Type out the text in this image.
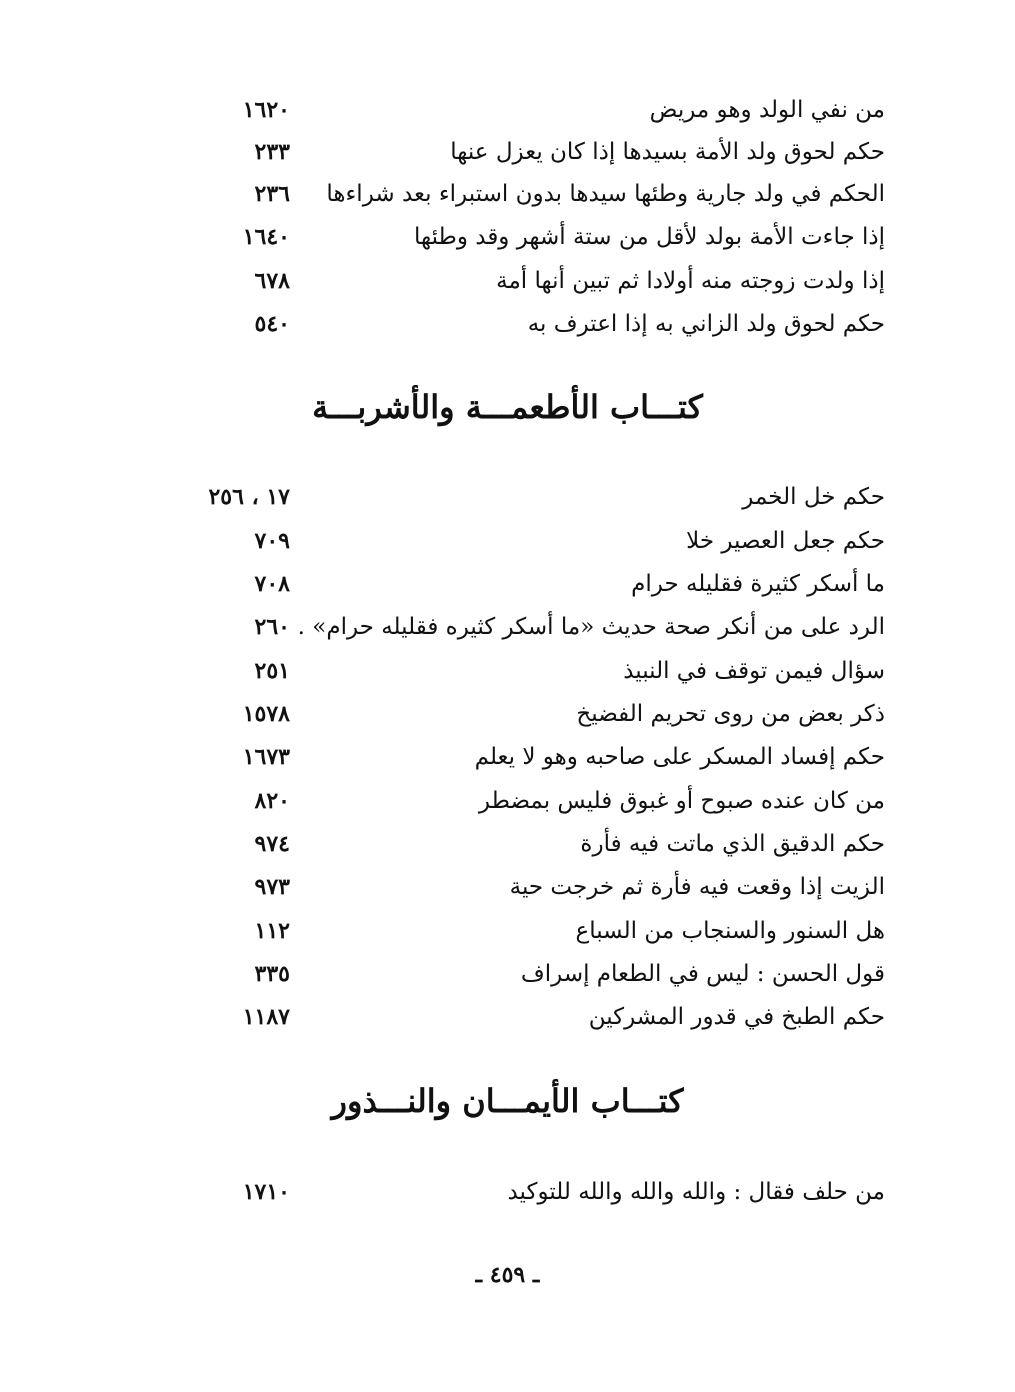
من نفي الولد وهو مريض
١٦٢٠
حكم لحوق ولد الأمة بسيدها إذا كان يعزل عنها
٢٣٣
الحكم في ولد جارية وطئها سيدها بدون استبراء بعد شراءها
٢٣٦
إذا جاءت الأمة بولد لأقل من ستة أشهر وقد وطئها
١٦٤٠
إذا ولدت زوجته منه أولادا ثم تبين أنها أمة
٦٧٨
حكم لحوق ولد الزاني به إذا اعترف به
٥٤٠
كتـــاب الأطعمـــة والأشربـــة
حكم خل الخمر
١٧ ، ٢٥٦
حكم جعل العصير خلا
٧٠٩
ما أسكر كثيرة فقليله حرام
٧٠٨
الرد على من أنكر صحة حديث «ما أسكر كثيره فقليله حرام» .
٢٦٠
سؤال فيمن توقف في النبيذ
٢٥١
ذكر بعض من روى تحريم الفضيخ
١٥٧٨
حكم إفساد المسكر على صاحبه وهو لا يعلم
١٦٧٣
من كان عنده صبوح أو غبوق فليس بمضطر
٨٢٠
حكم الدقيق الذي ماتت فيه فأرة
٩٧٤
الزيت إذا وقعت فيه فأرة ثم خرجت حية
٩٧٣
هل السنور والسنجاب من السباع
١١٢
قول الحسن : ليس في الطعام إسراف
٣٣٥
حكم الطبخ في قدور المشركين
١١٨٧
كتـــاب الأيمـــان والنـــذور
من حلف فقال : والله والله والله للتوكيد
١٧١٠
ـ ٤٥٩ ـ
